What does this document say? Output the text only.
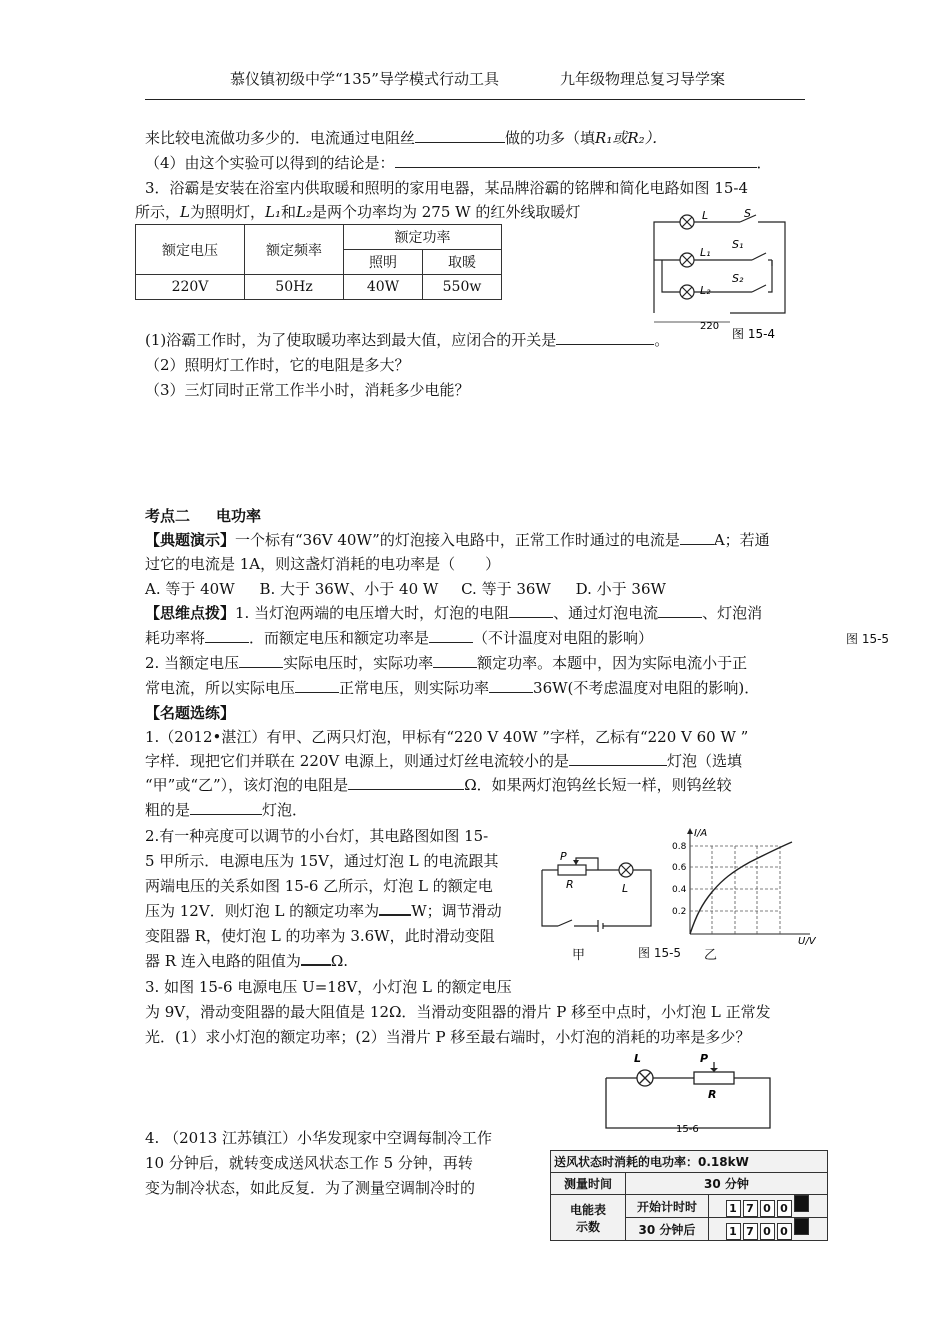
慕仪镇初级中学“135”导学模式行动工具	九年级物理总复习导学案
来比较电流做功多少的．电流通过电阻丝	做的功多（填R₁或R₂）．
（4）由这个实验可以得到的结论是：	．
3．浴霸是安装在浴室内供取暖和照明的家用电器，某品牌浴霸的铭牌和简化电路如图 15-4
所示，L为照明灯，L₁和L₂是两个功率均为 275 W 的红外线取暖灯
额定电压	额定频率	额定功率	
		照明	取暖
220V	50Hz	40W	550w
L	S
L₁
S₁
S₂
L₂
220
图 15-4
(1)浴霸工作时，为了使取暖功率达到最大值，应闭合的开关是	。
（2）照明灯工作时，它的电阻是多大？
（3）三灯同时正常工作半小时，消耗多少电能？
考点二 电功率
【典题演示】一个标有“36V 40W”的灯泡接入电路中，正常工作时通过的电流是 A；若通
过它的电流是 1A，则这盏灯消耗的电功率是（　　）
A. 等于 40W B. 大于 36W、小于 40 W C. 等于 36W D. 小于 36W
【思维点拨】1. 当灯泡两端的电压增大时，灯泡的电阻	、通过灯泡电流	、灯泡消
耗功率将	．而额定电压和额定功率是	（不计温度对电阻的影响）	图 15-5
2. 当额定电压	实际电压时，实际功率	额定功率。本题中，因为实际电流小于正
常电流，所以实际电压	正常电压，则实际功率	36W(不考虑温度对电阻的影响)．
【名题选练】
1.（2012•湛江）有甲、乙两只灯泡，甲标有“220 V 40W ”字样，乙标有“220 V 60 W ”
字样．现把它们并联在 220V 电源上，则通过灯丝电流较小的是	灯泡（选填
“甲”或“乙”），该灯泡的电阻是	Ω．如果两灯泡钨丝长短一样，则钨丝较
粗的是	灯泡．
2.有一种亮度可以调节的小台灯，其电路图如图 15-
5 甲所示．电源电压为 15V，通过灯泡 L 的电流跟其
两端电压的关系如图 15-6 乙所示，灯泡 L 的额定电
压为 12V．则灯泡 L 的额定功率为 W；调节滑动
变阻器 R，使灯泡 L 的功率为 3.6W，此时滑动变阻
器 R 连入电路的阻值为 Ω.
P
R	L
甲	图 15-5 乙
I/A
U/V
0.8
0.6
0.4
0.2
3. 如图 15-6 电源电压 U=18V，小灯泡 L 的额定电压
为 9V，滑动变阻器的最大阻值是 12Ω．当滑动变阻器的滑片 P 移至中点时，小灯泡 L 正常发
光．(1）求小灯泡的额定功率；(2）当滑片 P 移至最右端时，小灯泡的消耗的功率是多少？
L	P
R
15-6
4. （2013 江苏镇江）小华发现家中空调每制冷工作
10 分钟后，就转变成送风状态工作 5 分钟，再转
变为制冷状态，如此反复．为了测量空调制冷时的
送风状态时消耗的电功率：0.18kW		
测量时间	30 分钟	

电能表
示数	开始计时时	1 7 0 0
	30 分钟后	1 7 0 0
